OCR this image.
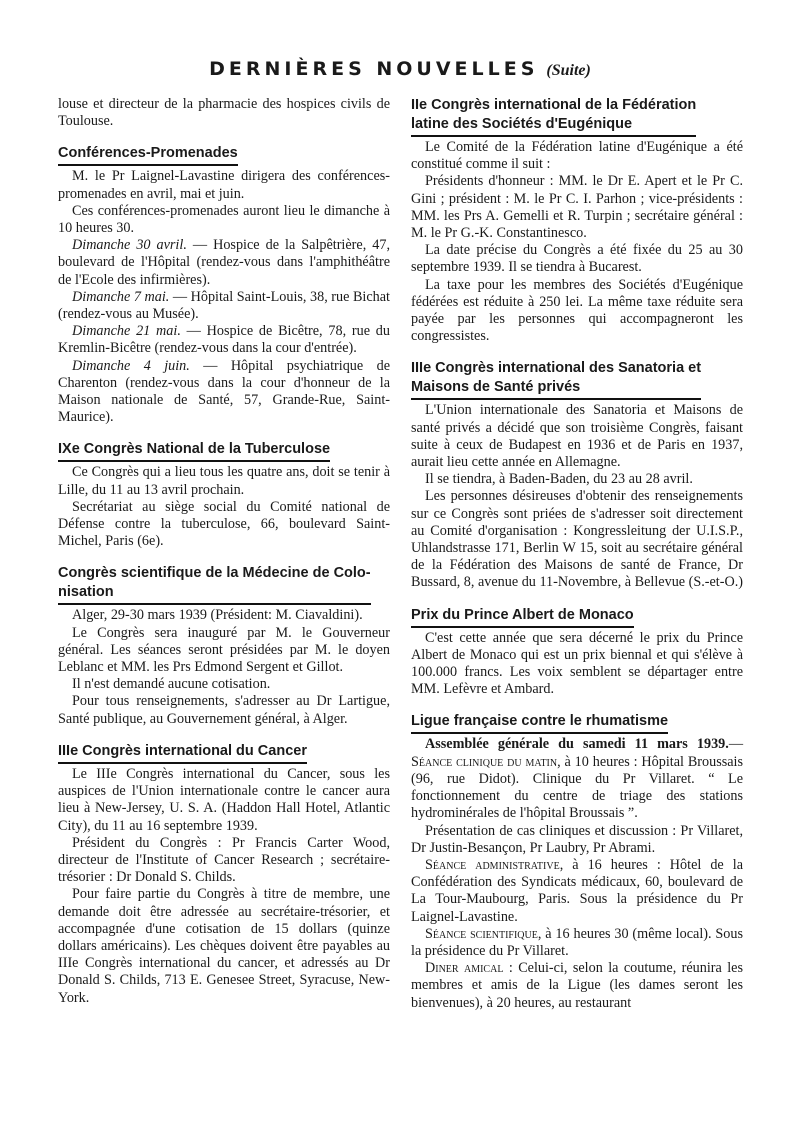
DERNIÈRES NOUVELLES (Suite)

louse et directeur de la pharmacie des hospices civils de Toulouse.

Conférences-Promenades

M. le Pr Laignel-Lavastine dirigera des conférences-promenades en avril, mai et juin.

Ces conférences-promenades auront lieu le dimanche à 10 heures 30.

Dimanche 30 avril. — Hospice de la Salpêtrière, 47, boulevard de l'Hôpital (rendez-vous dans l'amphithéâtre de l'Ecole des infirmières).

Dimanche 7 mai. — Hôpital Saint-Louis, 38, rue Bichat (rendez-vous au Musée).

Dimanche 21 mai. — Hospice de Bicêtre, 78, rue du Kremlin-Bicêtre (rendez-vous dans la cour d'entrée).

Dimanche 4 juin. — Hôpital psychiatrique de Charenton (rendez-vous dans la cour d'honneur de la Maison nationale de Santé, 57, Grande-Rue, Saint-Maurice).

IXe Congrès National de la Tuberculose

Ce Congrès qui a lieu tous les quatre ans, doit se tenir à Lille, du 11 au 13 avril prochain.

Secrétariat au siège social du Comité national de Défense contre la tuberculose, 66, boulevard Saint-Michel, Paris (6e).

Congrès scientifique de la Médecine de Colo-
nisation

Alger, 29-30 mars 1939 (Président: M. Ciavaldini).

Le Congrès sera inauguré par M. le Gouverneur général. Les séances seront présidées par M. le doyen Leblanc et MM. les Prs Edmond Sergent et Gillot.

Il n'est demandé aucune cotisation.

Pour tous renseignements, s'adresser au Dr Lartigue, Santé publique, au Gouvernement général, à Alger.

IIIe Congrès international du Cancer

Le IIIe Congrès international du Cancer, sous les auspices de l'Union internationale contre le cancer aura lieu à New-Jersey, U. S. A. (Haddon Hall Hotel, Atlantic City), du 11 au 16 septembre 1939.

Président du Congrès : Pr Francis Carter Wood, directeur de l'Institute of Cancer Research ; secrétaire-trésorier : Dr Donald S. Childs.

Pour faire partie du Congrès à titre de membre, une demande doit être adressée au secrétaire-trésorier, et accompagnée d'une cotisation de 15 dollars (quinze dollars américains). Les chèques doivent être payables au IIIe Congrès international du cancer, et adressés au Dr Donald S. Childs, 713 E. Genesee Street, Syracuse, New-York.

IIe Congrès international de la Fédération
latine des Sociétés d'Eugénique

Le Comité de la Fédération latine d'Eugénique a été constitué comme il suit :

Présidents d'honneur : MM. le Dr E. Apert et le Pr C. Gini ; président : M. le Pr C. I. Parhon ; vice-présidents : MM. les Prs A. Gemelli et R. Turpin ; secrétaire général : M. le Pr G.-K. Constantinesco.

La date précise du Congrès a été fixée du 25 au 30 septembre 1939. Il se tiendra à Bucarest.

La taxe pour les membres des Sociétés d'Eugénique fédérées est réduite à 250 lei. La même taxe réduite sera payée par les personnes qui accompagneront les congressistes.

IIIe Congrès international des Sanatoria et
Maisons de Santé privés

L'Union internationale des Sanatoria et Maisons de santé privés a décidé que son troisième Congrès, faisant suite à ceux de Budapest en 1936 et de Paris en 1937, aurait lieu cette année en Allemagne.

Il se tiendra, à Baden-Baden, du 23 au 28 avril.

Les personnes désireuses d'obtenir des renseignements sur ce Congrès sont priées de s'adresser soit directement au Comité d'organisation : Kongressleitung der U.I.S.P., Uhlandstrasse 171, Berlin W 15, soit au secrétaire général de la Fédération des Maisons de santé de France, Dr Bussard, 8, avenue du 11-Novembre, à Bellevue (S.-et-O.)

Prix du Prince Albert de Monaco

C'est cette année que sera décerné le prix du Prince Albert de Monaco qui est un prix biennal et qui s'élève à 100.000 francs. Les voix semblent se départager entre MM. Lefèvre et Ambard.

Ligue française contre le rhumatisme

Assemblée générale du samedi 11 mars 1939.— Séance clinique du matin, à 10 heures : Hôpital Broussais (96, rue Didot). Clinique du Pr Villaret. “ Le fonctionnement du centre de triage des stations hydrominérales de l'hôpital Broussais ”.

Présentation de cas cliniques et discussion : Pr Villaret, Dr Justin-Besançon, Pr Laubry, Pr Abrami.

Séance administrative, à 16 heures : Hôtel de la Confédération des Syndicats médicaux, 60, boulevard de La Tour-Maubourg, Paris. Sous la présidence du Pr Laignel-Lavastine.

Séance scientifique, à 16 heures 30 (même local). Sous la présidence du Pr Villaret.

Diner amical : Celui-ci, selon la coutume, réunira les membres et amis de la Ligue (les dames seront les bienvenues), à 20 heures, au restaurant
